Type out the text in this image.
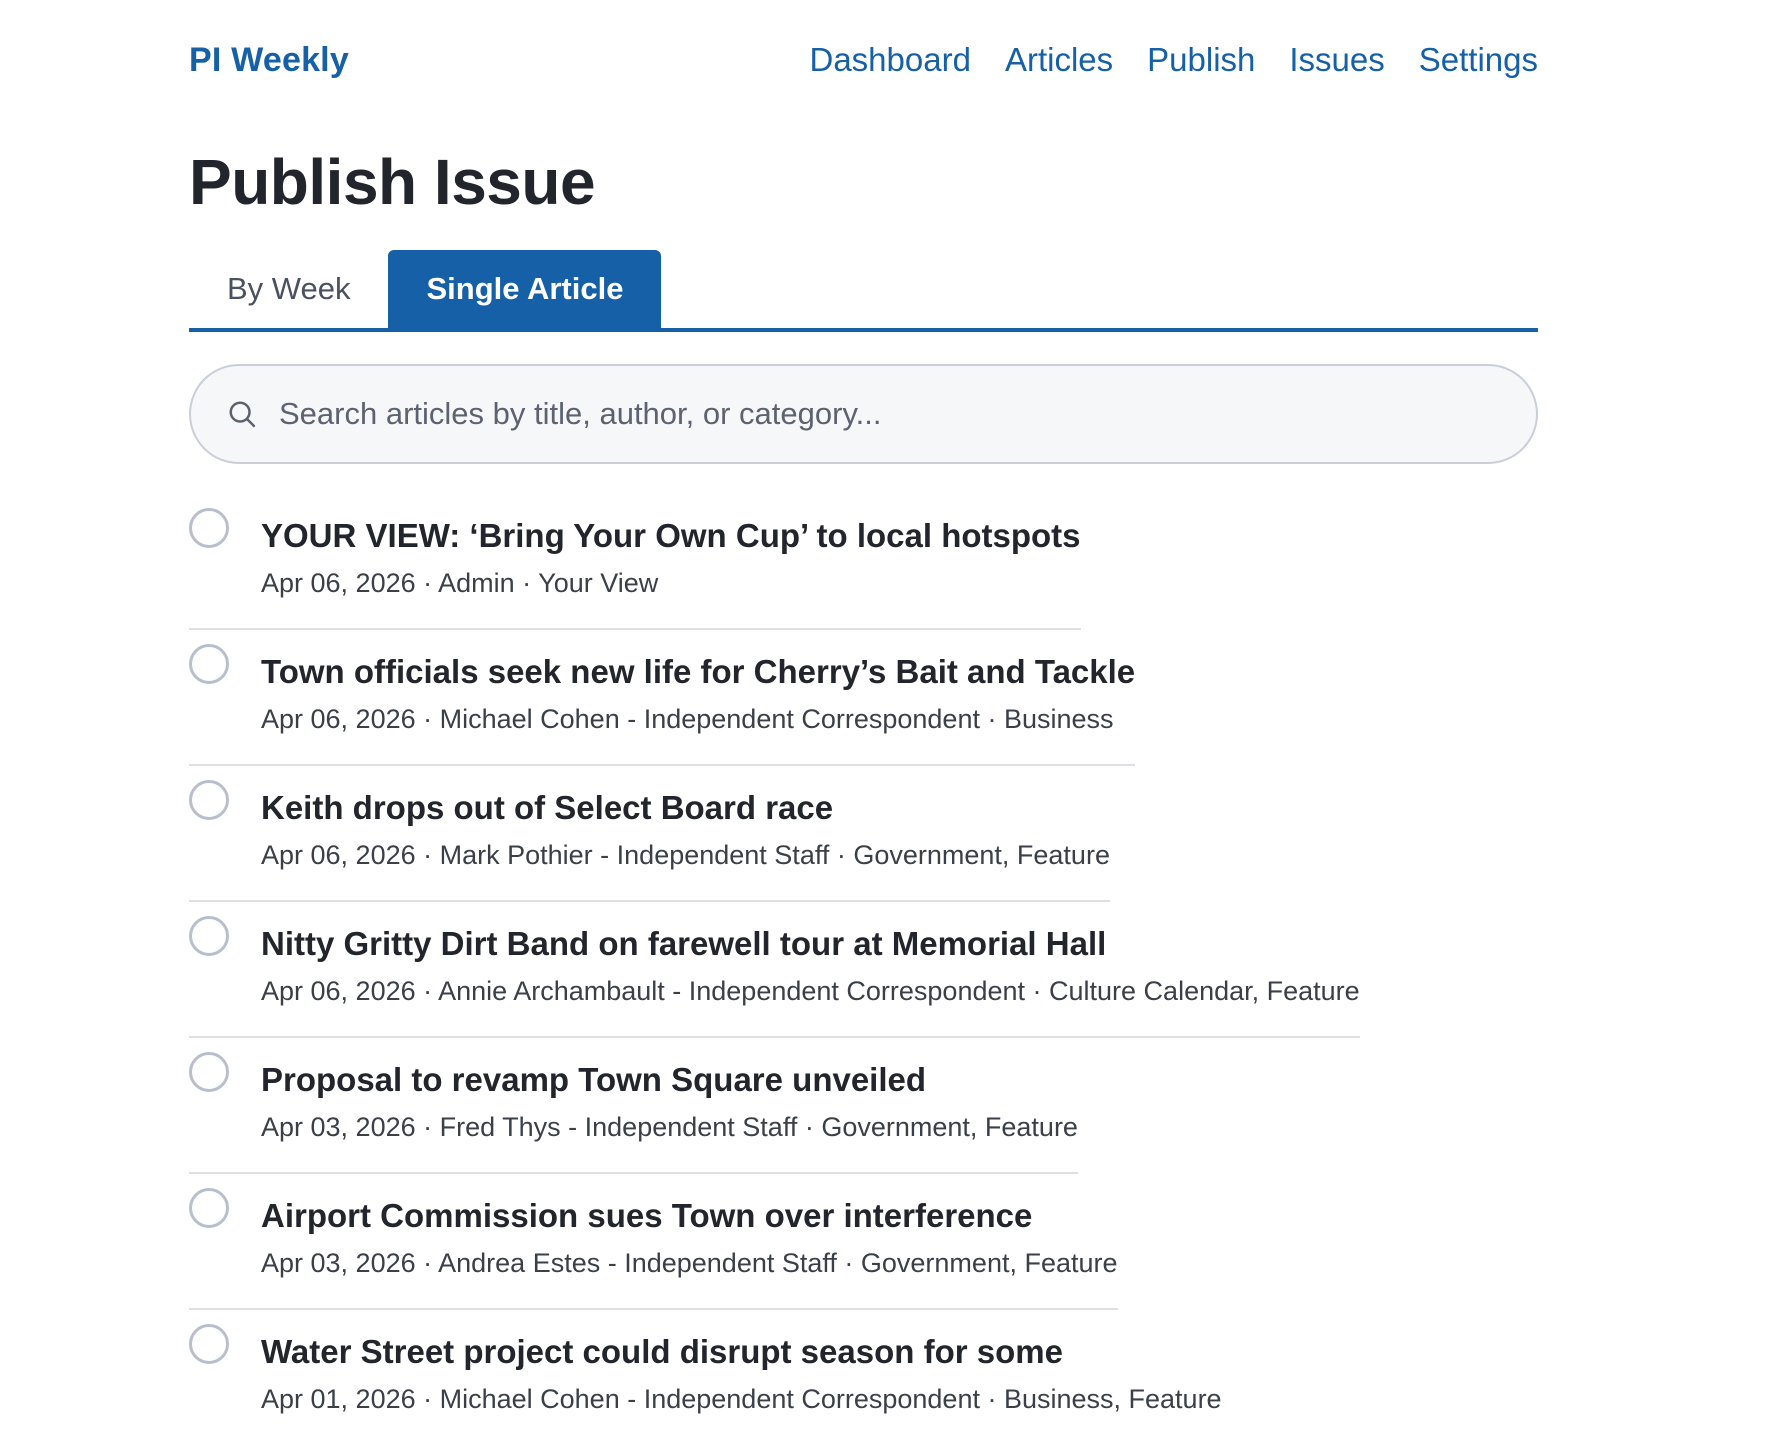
PI Weekly	Dashboard Articles Publish Issues Settings
Publish Issue
By Week	Single Article
Search articles by title, author, or category...
YOUR VIEW: ‘Bring Your Own Cup’ to local hotspots
Apr 06, 2026 · Admin · Your View
Town officials seek new life for Cherry’s Bait and Tackle
Apr 06, 2026 · Michael Cohen - Independent Correspondent · Business
Keith drops out of Select Board race
Apr 06, 2026 · Mark Pothier - Independent Staff · Government, Feature
Nitty Gritty Dirt Band on farewell tour at Memorial Hall
Apr 06, 2026 · Annie Archambault - Independent Correspondent · Culture Calendar, Feature
Proposal to revamp Town Square unveiled
Apr 03, 2026 · Fred Thys - Independent Staff · Government, Feature
Airport Commission sues Town over interference
Apr 03, 2026 · Andrea Estes - Independent Staff · Government, Feature
Water Street project could disrupt season for some
Apr 01, 2026 · Michael Cohen - Independent Correspondent · Business, Feature
